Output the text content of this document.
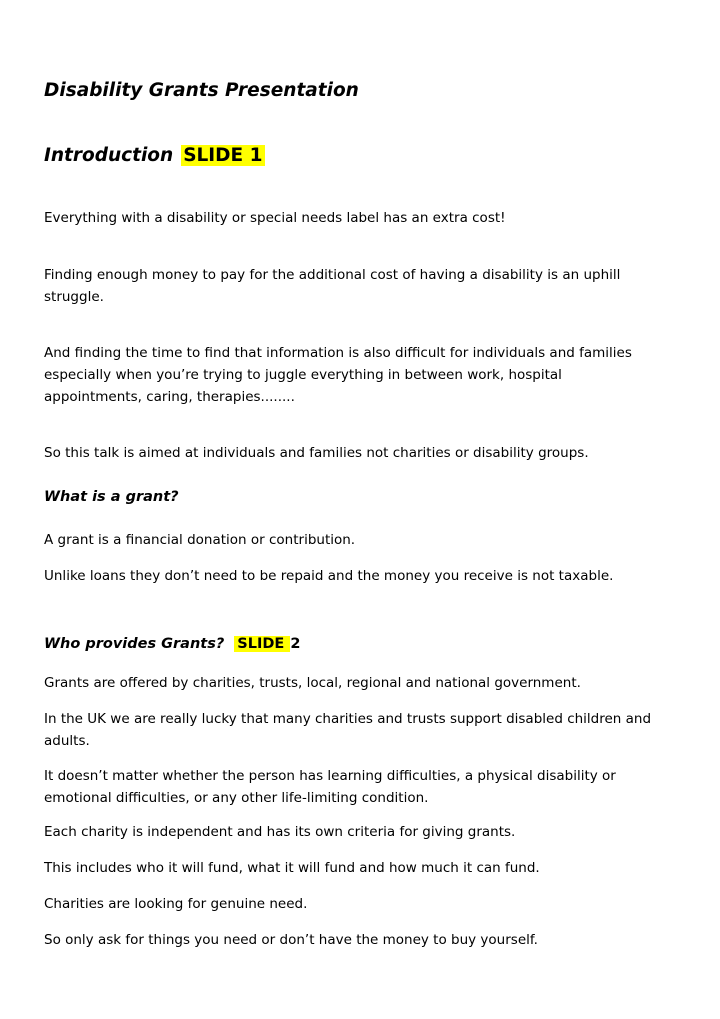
Disability Grants Presentation

Introduction SLIDE 1

Everything with a disability or special needs label has an extra cost!

Finding enough money to pay for the additional cost of having a disability is an uphill

struggle.

And finding the time to find that information is also difficult for individuals and families

especially when you’re trying to juggle everything in between work, hospital

appointments, caring, therapies........

So this talk is aimed at individuals and families not charities or disability groups.

What is a grant?

A grant is a financial donation or contribution.

Unlike loans they don’t need to be repaid and the money you receive is not taxable.

Who provides Grants? SLIDE 2

Grants are offered by charities, trusts, local, regional and national government.

In the UK we are really lucky that many charities and trusts support disabled children and

adults.

It doesn’t matter whether the person has learning difficulties, a physical disability or

emotional difficulties, or any other life-limiting condition.

Each charity is independent and has its own criteria for giving grants.

This includes who it will fund, what it will fund and how much it can fund.

Charities are looking for genuine need.

So only ask for things you need or don’t have the money to buy yourself.
